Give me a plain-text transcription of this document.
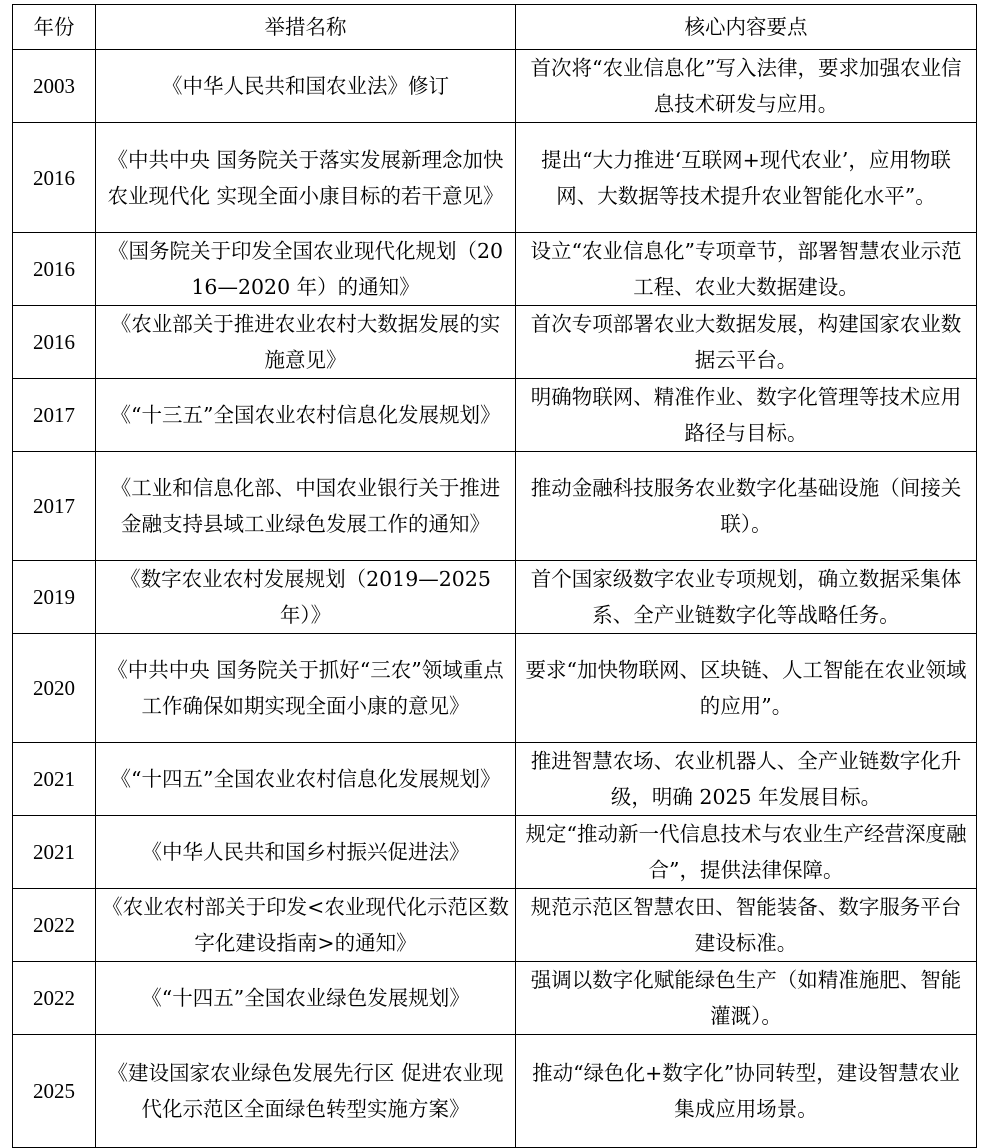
年份	举措名称	核心内容要点
2003	《中华人民共和国农业法》修订	首次将“农业信息化”写入法律，要求加强农业信息技术研发与应用。
2016	《中共中央 国务院关于落实发展新理念加快农业现代化 实现全面小康目标的若干意见》	提出“大力推进‘互联网+现代农业’，应用物联网、大数据等技术提升农业智能化水平”。
2016	《国务院关于印发全国农业现代化规划（2016—2020 年）的通知》	设立“农业信息化”专项章节，部署智慧农业示范工程、农业大数据建设。
2016	《农业部关于推进农业农村大数据发展的实施意见》	首次专项部署农业大数据发展，构建国家农业数据云平台。
2017	《“十三五”全国农业农村信息化发展规划》	明确物联网、精准作业、数字化管理等技术应用路径与目标。
2017	《工业和信息化部、中国农业银行关于推进金融支持县域工业绿色发展工作的通知》	推动金融科技服务农业数字化基础设施（间接关联）。
2019	《数字农业农村发展规划（2019—2025 年）》	首个国家级数字农业专项规划，确立数据采集体系、全产业链数字化等战略任务。
2020	《中共中央 国务院关于抓好“三农”领域重点工作确保如期实现全面小康的意见》	要求“加快物联网、区块链、人工智能在农业领域的应用”。
2021	《“十四五”全国农业农村信息化发展规划》	推进智慧农场、农业机器人、全产业链数字化升级，明确 2025 年发展目标。
2021	《中华人民共和国乡村振兴促进法》	规定“推动新一代信息技术与农业生产经营深度融合”，提供法律保障。
2022	《农业农村部关于印发<农业现代化示范区数字化建设指南>的通知》	规范示范区智慧农田、智能装备、数字服务平台建设标准。
2022	《“十四五”全国农业绿色发展规划》	强调以数字化赋能绿色生产（如精准施肥、智能灌溉）。
2025	《建设国家农业绿色发展先行区 促进农业现代化示范区全面绿色转型实施方案》	推动“绿色化+数字化”协同转型，建设智慧农业集成应用场景。
